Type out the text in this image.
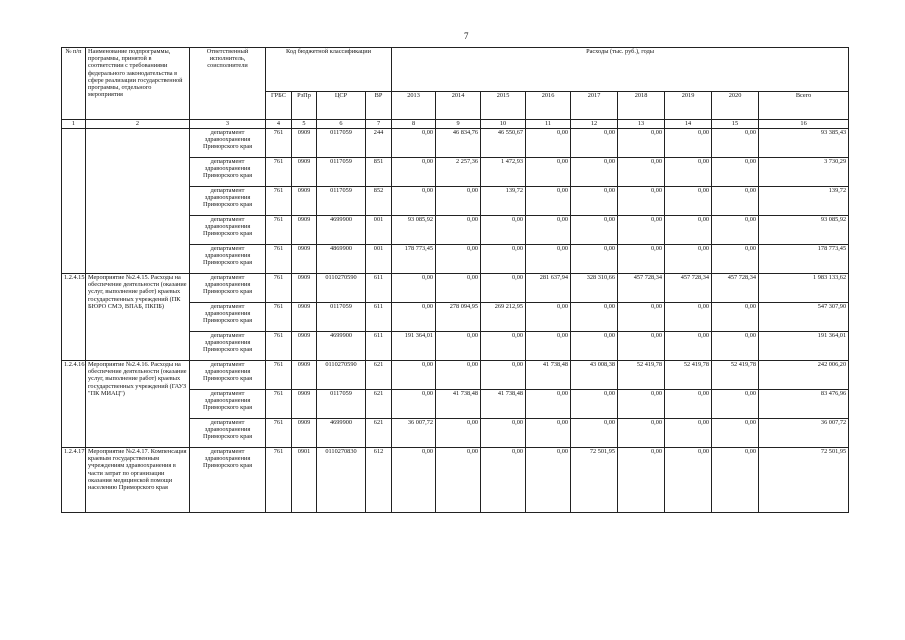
7
№ п/п	Наименование подпрограммы, программы, принятой в соответствии с требованиями федерального законодательства в сфере реализации государственной программы, отдельного мероприятия	Ответственный исполнитель, соисполнители	Код бюджетной классификации				Расходы (тыс. руб.), годы								
			ГРБС	РзПр	ЦСР	ВР	2013	2014	2015	2016	2017	2018	2019	2020	Всего
1	2	3	4	5	6	7	8	9	10	11	12	13	14	15	16
		департамент здравоохранения Приморского края	761	0909	0117059	244	0,00	46 834,76	46 550,67	0,00	0,00	0,00	0,00	0,00	93 385,43
		департамент здравоохранения Приморского края	761	0909	0117059	851	0,00	2 257,36	1 472,93	0,00	0,00	0,00	0,00	0,00	3 730,29
		департамент здравоохранения Приморского края	761	0909	0117059	852	0,00	0,00	139,72	0,00	0,00	0,00	0,00	0,00	139,72
		департамент здравоохранения Приморского края	761	0909	4699900	001	93 085,92	0,00	0,00	0,00	0,00	0,00	0,00	0,00	93 085,92
		департамент здравоохранения Приморского края	761	0909	4869900	001	178 773,45	0,00	0,00	0,00	0,00	0,00	0,00	0,00	178 773,45
1.2.4.15	Мероприятие №2.4.15. Расходы на обеспечение деятельности (оказание услуг, выполнение работ) краевых государственных учреждений (ПК БЮРО СМЭ, ВПАБ, ПКПБ)	департамент здравоохранения Приморского края	761	0909	0110270590	611	0,00	0,00	0,00	281 637,94	328 310,66	457 728,34	457 728,34	457 728,34	1 983 133,62
		департамент здравоохранения Приморского края	761	0909	0117059	611	0,00	278 094,95	269 212,95	0,00	0,00	0,00	0,00	0,00	547 307,90
		департамент здравоохранения Приморского края	761	0909	4699900	611	191 364,01	0,00	0,00	0,00	0,00	0,00	0,00	0,00	191 364,01
1.2.4.16	Мероприятие №2.4.16. Расходы на обеспечение деятельности (оказание услуг, выполнение работ) краевых государственных учреждений (ГАУЗ "ПК МИАЦ")	департамент здравоохранения Приморского края	761	0909	0110270590	621	0,00	0,00	0,00	41 738,48	43 008,38	52 419,78	52 419,78	52 419,78	242 006,20
		департамент здравоохранения Приморского края	761	0909	0117059	621	0,00	41 738,48	41 738,48	0,00	0,00	0,00	0,00	0,00	83 476,96
		департамент здравоохранения Приморского края	761	0909	4699900	621	36 007,72	0,00	0,00	0,00	0,00	0,00	0,00	0,00	36 007,72
1.2.4.17	Мероприятие №2.4.17. Компенсация краевым государственным учреждениям здравоохранения в части затрат по организации оказания медицинской помощи населению Приморского края	департамент здравоохранения Приморского края	761	0901	0110270830	612	0,00	0,00	0,00	0,00	72 501,95	0,00	0,00	0,00	72 501,95
